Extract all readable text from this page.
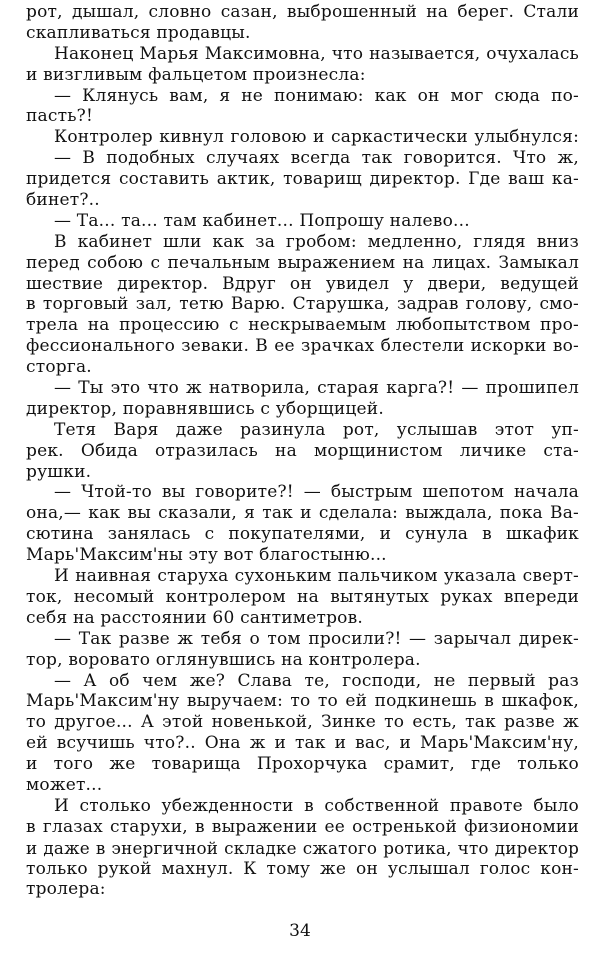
рот, дышал, словно сазан, выброшенный на берег. Стали
скапливаться продавцы.
Наконец Марья Максимовна, что называется, очухалась
и визгливым фальцетом произнесла:
— Клянусь вам, я не понимаю: как он мог сюда по-
пасть?!
Контролер кивнул головою и саркастически улыбнулся:
— В подобных случаях всегда так говорится. Что ж,
придется составить актик, товарищ директор. Где ваш ка-
бинет?..
— Та... та... там кабинет... Попрошу налево...
В кабинет шли как за гробом: медленно, глядя вниз
перед собою с печальным выражением на лицах. Замыкал
шествие директор. Вдруг он увидел у двери, ведущей
в торговый зал, тетю Варю. Старушка, задрав голову, смо-
трела на процессию с нескрываемым любопытством про-
фессионального зеваки. В ее зрачках блестели искорки во-
сторга.
— Ты это что ж натворила, старая карга?! — прошипел
директор, поравнявшись с уборщицей.
Тетя Варя даже разинула рот, услышав этот уп-
рек. Обида отразилась на морщинистом личике ста-
рушки.
— Чтой-то вы говорите?! — быстрым шепотом начала
она,— как вы сказали, я так и сделала: выждала, пока Ва-
сютина занялась с покупателями, и сунула в шкафик
Марь'Максим'ны эту вот благостыню...
И наивная старуха сухоньким пальчиком указала сверт-
ток, несомый контролером на вытянутых руках впереди
себя на расстоянии 60 сантиметров.
— Так разве ж тебя о том просили?! — зарычал дирек-
тор, воровато оглянувшись на контролера.
— А об чем же? Слава те, господи, не первый раз
Марь'Максим'ну выручаем: то то ей подкинешь в шкафок,
то другое... А этой новенькой, Зинке то есть, так разве ж
ей всучишь что?.. Она ж и так и вас, и Марь'Максим'ну,
и того же товарища Прохорчука срамит, где только
может...
И столько убежденности в собственной правоте было
в глазах старухи, в выражении ее остренькой физиономии
и даже в энергичной складке сжатого ротика, что директор
только рукой махнул. К тому же он услышал голос кон-
тролера:
34
